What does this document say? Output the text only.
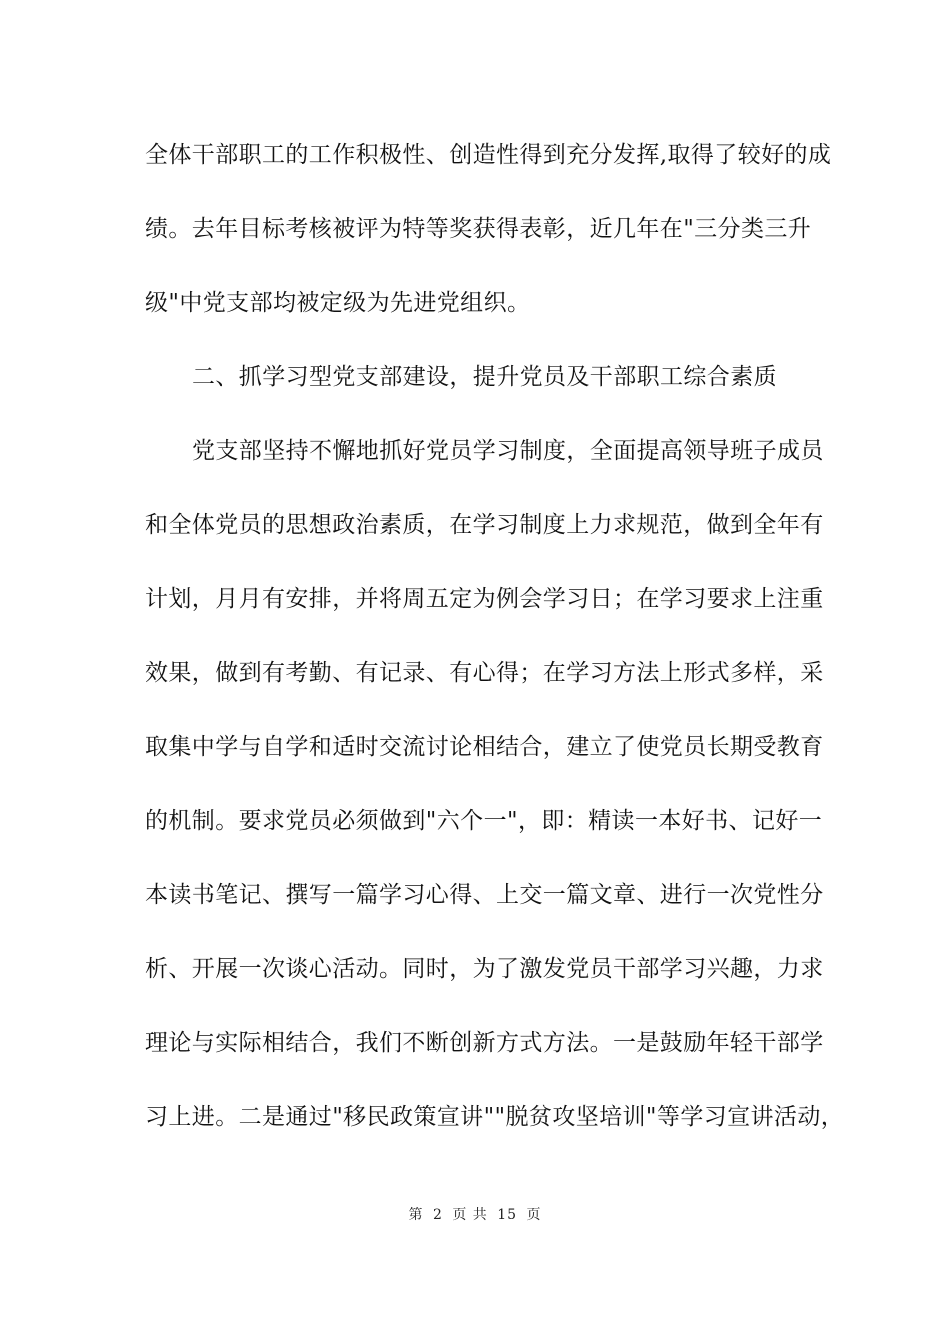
全体干部职工的工作积极性、创造性得到充分发挥,取得了较好的成
绩。去年目标考核被评为特等奖获得表彰，近几年在"三分类三升
级"中党支部均被定级为先进党组织。
二、抓学习型党支部建设，提升党员及干部职工综合素质
党支部坚持不懈地抓好党员学习制度，全面提高领导班子成员
和全体党员的思想政治素质，在学习制度上力求规范，做到全年有
计划，月月有安排，并将周五定为例会学习日；在学习要求上注重
效果，做到有考勤、有记录、有心得；在学习方法上形式多样，采
取集中学与自学和适时交流讨论相结合，建立了使党员长期受教育
的机制。要求党员必须做到"六个一"，即：精读一本好书、记好一
本读书笔记、撰写一篇学习心得、上交一篇文章、进行一次党性分
析、开展一次谈心活动。同时，为了激发党员干部学习兴趣，力求
理论与实际相结合，我们不断创新方式方法。一是鼓励年轻干部学
习上进。二是通过"移民政策宣讲""脱贫攻坚培训"等学习宣讲活动，
第 2 页 共 15 页
